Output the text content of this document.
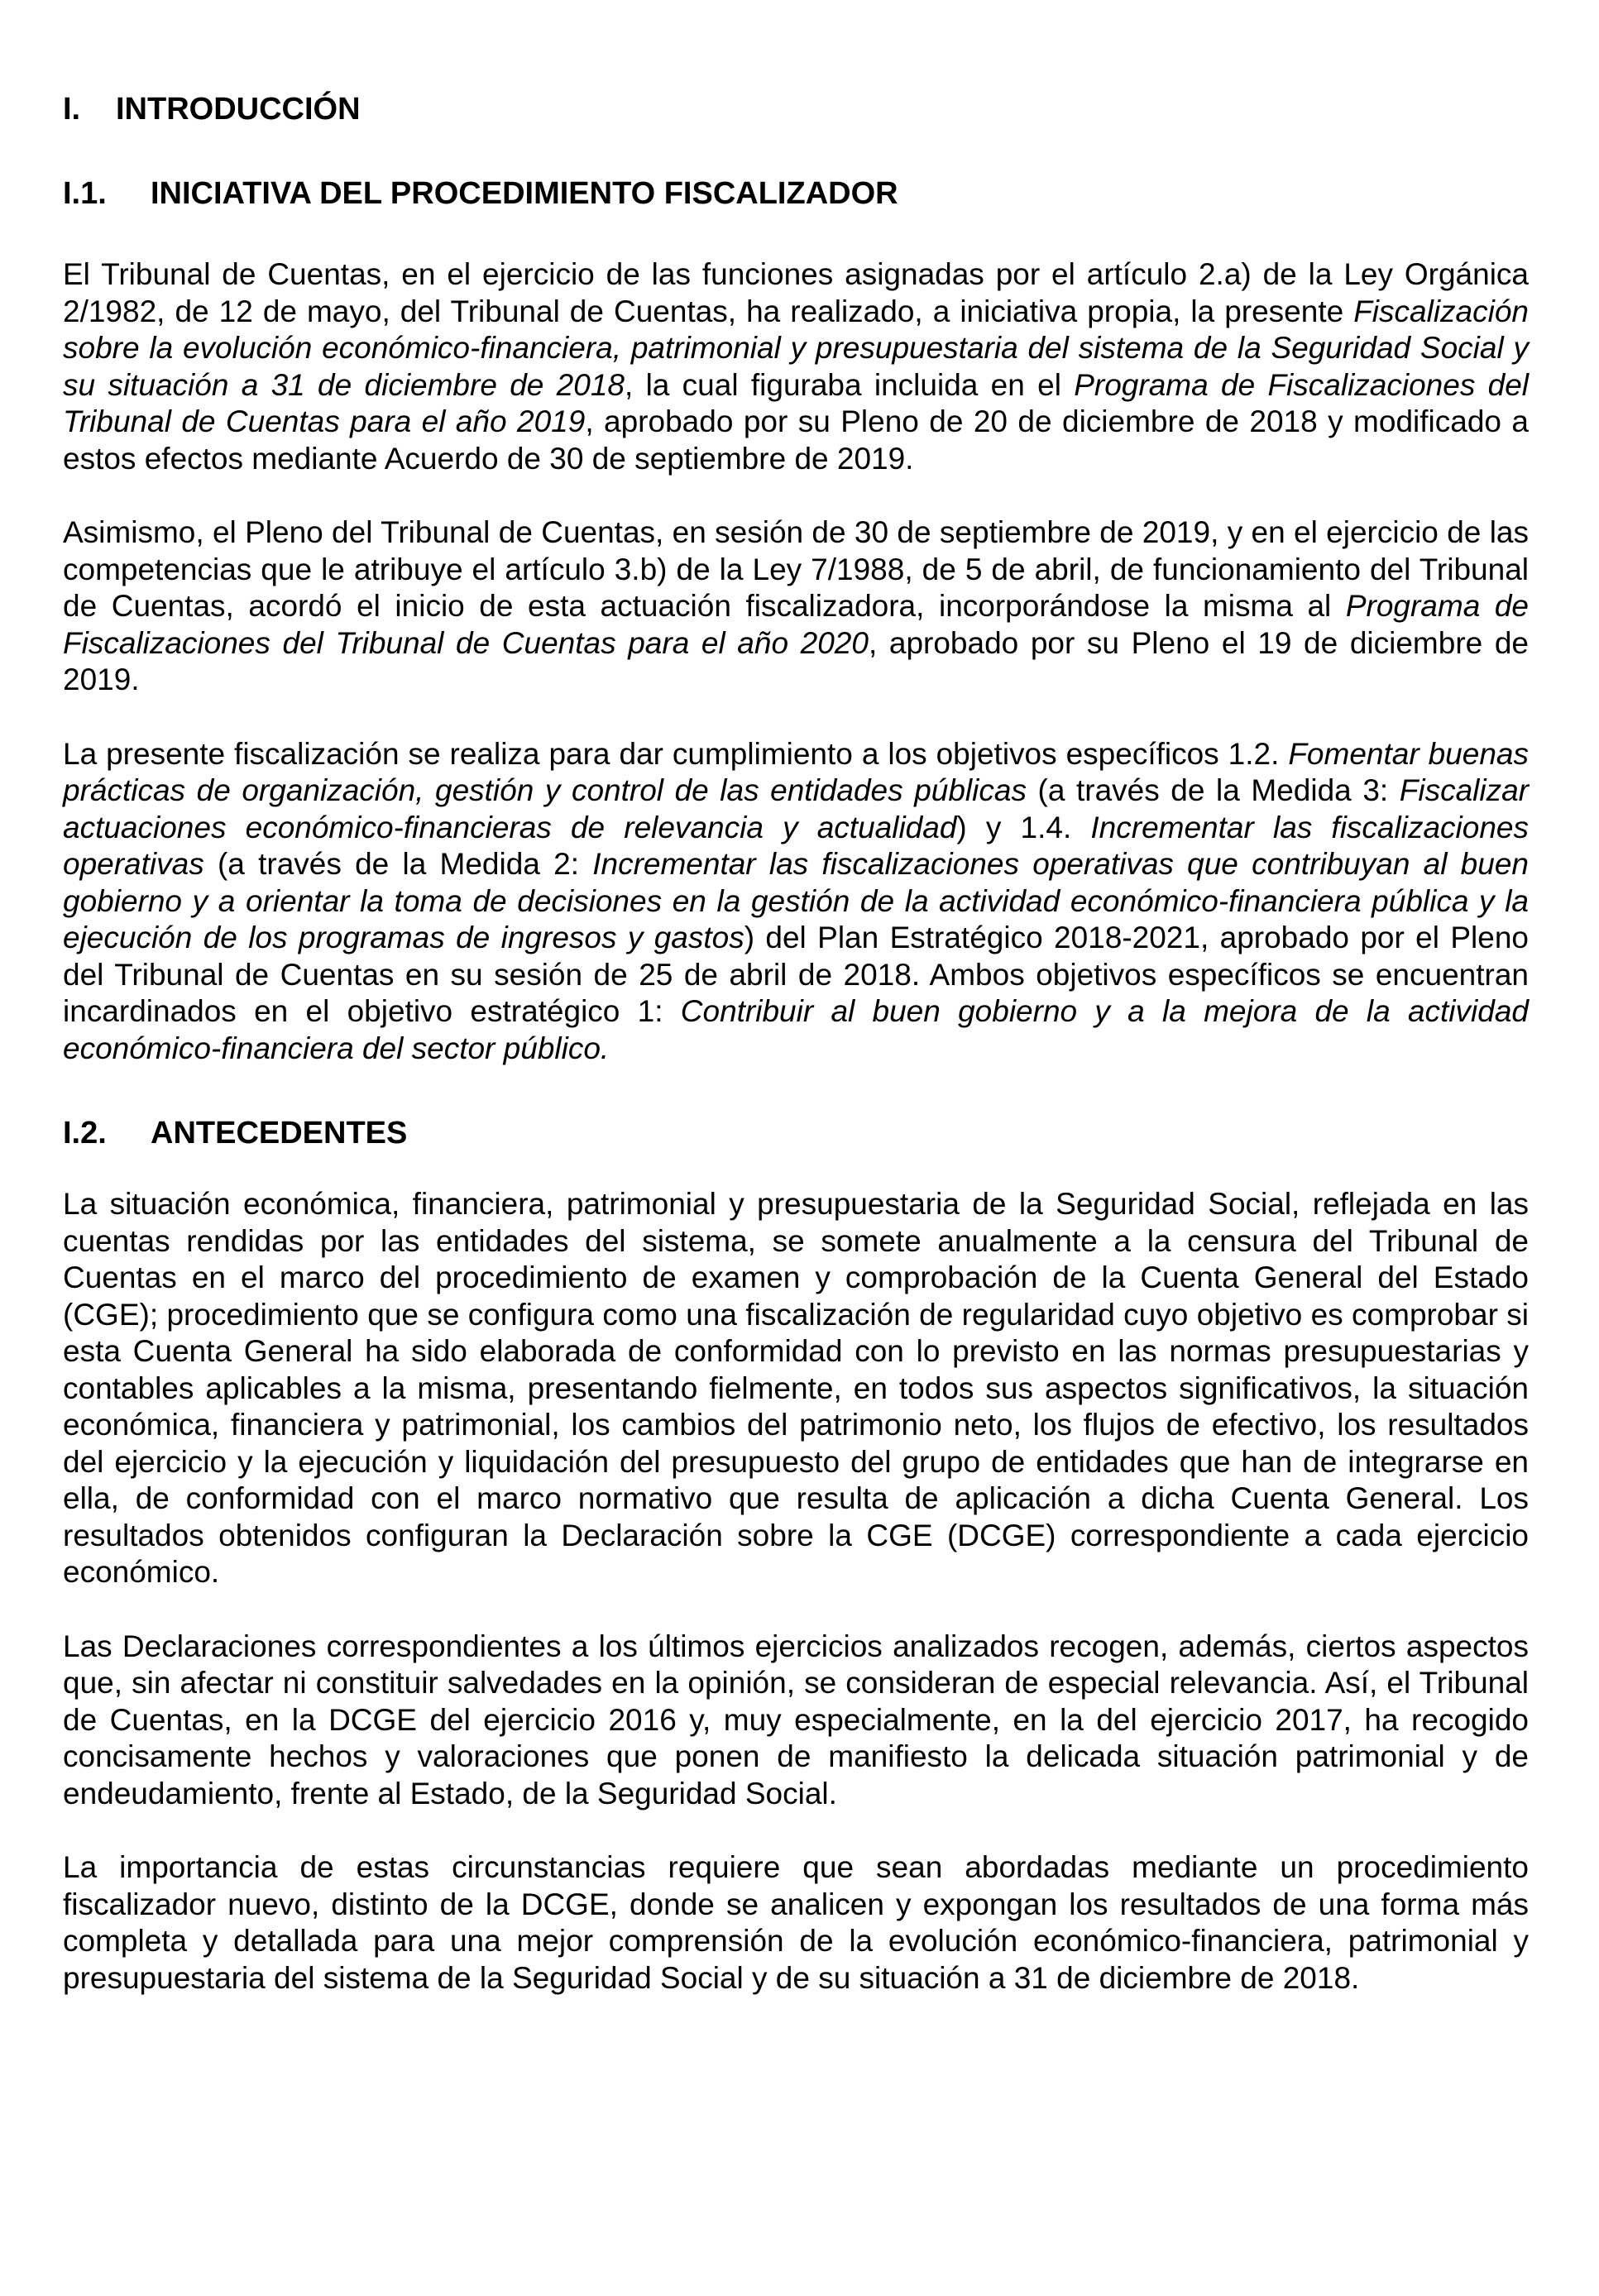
I.	INTRODUCCIÓN
I.1.	INICIATIVA DEL PROCEDIMIENTO FISCALIZADOR

El Tribunal de Cuentas, en el ejercicio de las funciones asignadas por el artículo 2.a) de la Ley Orgánica 2/1982, de 12 de mayo, del Tribunal de Cuentas, ha realizado, a iniciativa propia, la presente Fiscalización sobre la evolución económico-financiera, patrimonial y presupuestaria del sistema de la Seguridad Social y su situación a 31 de diciembre de 2018, la cual figuraba incluida en el Programa de Fiscalizaciones del Tribunal de Cuentas para el año 2019, aprobado por su Pleno de 20 de diciembre de 2018 y modificado a estos efectos mediante Acuerdo de 30 de septiembre de 2019.

Asimismo, el Pleno del Tribunal de Cuentas, en sesión de 30 de septiembre de 2019, y en el ejercicio de las competencias que le atribuye el artículo 3.b) de la Ley 7/1988, de 5 de abril, de funcionamiento del Tribunal de Cuentas, acordó el inicio de esta actuación fiscalizadora, incorporándose la misma al Programa de Fiscalizaciones del Tribunal de Cuentas para el año 2020, aprobado por su Pleno el 19 de diciembre de 2019.

La presente fiscalización se realiza para dar cumplimiento a los objetivos específicos 1.2. Fomentar buenas prácticas de organización, gestión y control de las entidades públicas (a través de la Medida 3: Fiscalizar actuaciones económico-financieras de relevancia y actualidad) y 1.4. Incrementar las fiscalizaciones operativas (a través de la Medida 2: Incrementar las fiscalizaciones operativas que contribuyan al buen gobierno y a orientar la toma de decisiones en la gestión de la actividad económico-financiera pública y la ejecución de los programas de ingresos y gastos) del Plan Estratégico 2018-2021, aprobado por el Pleno del Tribunal de Cuentas en su sesión de 25 de abril de 2018. Ambos objetivos específicos se encuentran incardinados en el objetivo estratégico 1: Contribuir al buen gobierno y a la mejora de la actividad económico-financiera del sector público.

I.2.	ANTECEDENTES

La situación económica, financiera, patrimonial y presupuestaria de la Seguridad Social, reflejada en las cuentas rendidas por las entidades del sistema, se somete anualmente a la censura del Tribunal de Cuentas en el marco del procedimiento de examen y comprobación de la Cuenta General del Estado (CGE); procedimiento que se configura como una fiscalización de regularidad cuyo objetivo es comprobar si esta Cuenta General ha sido elaborada de conformidad con lo previsto en las normas presupuestarias y contables aplicables a la misma, presentando fielmente, en todos sus aspectos significativos, la situación económica, financiera y patrimonial, los cambios del patrimonio neto, los flujos de efectivo, los resultados del ejercicio y la ejecución y liquidación del presupuesto del grupo de entidades que han de integrarse en ella, de conformidad con el marco normativo que resulta de aplicación a dicha Cuenta General. Los resultados obtenidos configuran la Declaración sobre la CGE (DCGE) correspondiente a cada ejercicio económico.

Las Declaraciones correspondientes a los últimos ejercicios analizados recogen, además, ciertos aspectos que, sin afectar ni constituir salvedades en la opinión, se consideran de especial relevancia. Así, el Tribunal de Cuentas, en la DCGE del ejercicio 2016 y, muy especialmente, en la del ejercicio 2017, ha recogido concisamente hechos y valoraciones que ponen de manifiesto la delicada situación patrimonial y de endeudamiento, frente al Estado, de la Seguridad Social.

La importancia de estas circunstancias requiere que sean abordadas mediante un procedimiento fiscalizador nuevo, distinto de la DCGE, donde se analicen y expongan los resultados de una forma más completa y detallada para una mejor comprensión de la evolución económico-financiera, patrimonial y presupuestaria del sistema de la Seguridad Social y de su situación a 31 de diciembre de 2018.
